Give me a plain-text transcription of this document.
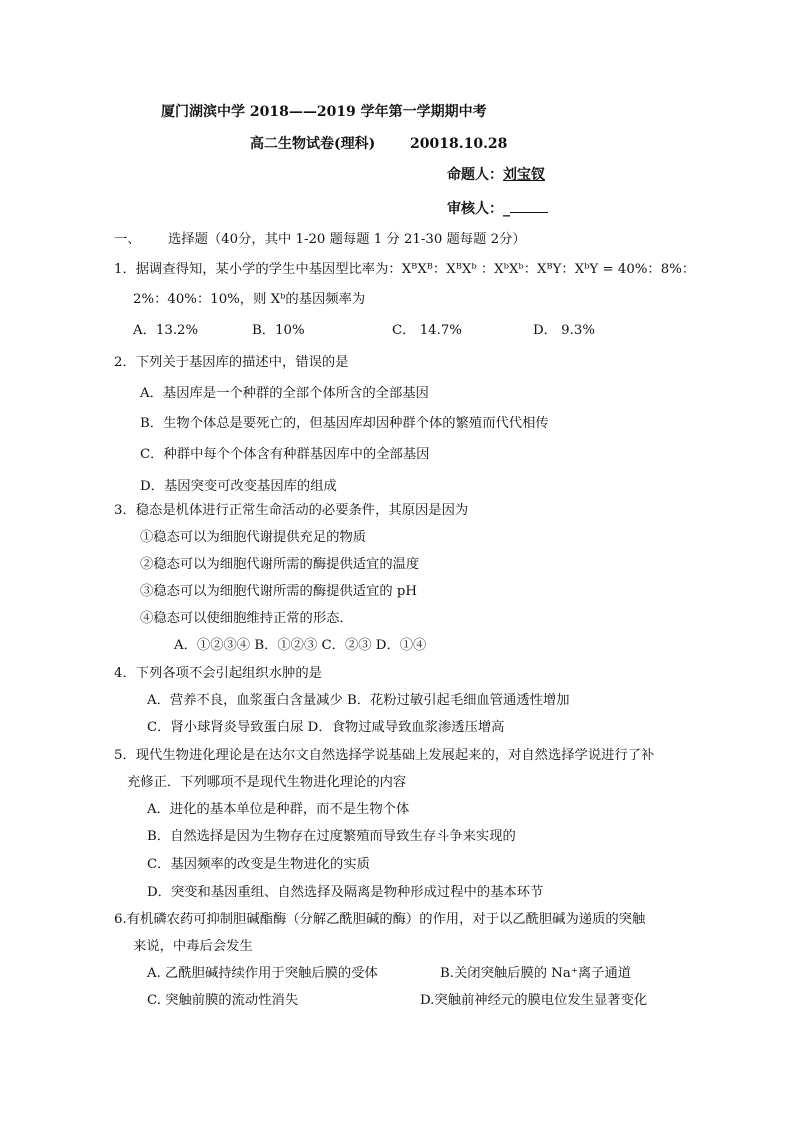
厦门湖滨中学 2018——2019 学年第一学期期中考
高二生物试卷(理科) 20018.10.28
命题人：刘宝钗
审核人：_
一、 选择题（40分，其中 1-20 题每题 1 分 21-30 题每题 2分）
1．据调查得知，某小学的学生中基因型比率为：XᴮXᴮ：XᴮXᵇ ：XᵇXᵇ：XᴮY：XᵇY = 40%：8%：
2%：40%：10%，则 Xᵇ的基因频率为
A．13.2%	B．10%	C． 14.7%	D． 9.3%
2．下列关于基因库的描述中，错误的是
A．基因库是一个种群的全部个体所含的全部基因
B．生物个体总是要死亡的，但基因库却因种群个体的繁殖而代代相传
C．种群中每个个体含有种群基因库中的全部基因
D．基因突变可改变基因库的组成
3．稳态是机体进行正常生命活动的必要条件，其原因是因为
①稳态可以为细胞代谢提供充足的物质
②稳态可以为细胞代谢所需的酶提供适宜的温度
③稳态可以为细胞代谢所需的酶提供适宜的 pH
④稳态可以使细胞维持正常的形态．
A．①②③④ B．①②③ C．②③ D．①④
4．下列各项不会引起组织水肿的是
A．营养不良，血浆蛋白含量减少 B．花粉过敏引起毛细血管通透性增加
C．肾小球肾炎导致蛋白尿 D．食物过咸导致血浆渗透压增高
5．现代生物进化理论是在达尔文自然选择学说基础上发展起来的，对自然选择学说进行了补
充修正．下列哪项不是现代生物进化理论的内容
A．进化的基本单位是种群，而不是生物个体
B．自然选择是因为生物存在过度繁殖而导致生存斗争来实现的
C．基因频率的改变是生物进化的实质
D．突变和基因重组、自然选择及隔离是物种形成过程中的基本环节
6.有机磷农药可抑制胆碱酯酶（分解乙酰胆碱的酶）的作用，对于以乙酰胆碱为递质的突触
来说，中毒后会发生
A. 乙酰胆碱持续作用于突触后膜的受体	B.关闭突触后膜的 Na⁺离子通道
C. 突触前膜的流动性消失	D.突触前神经元的膜电位发生显著变化
